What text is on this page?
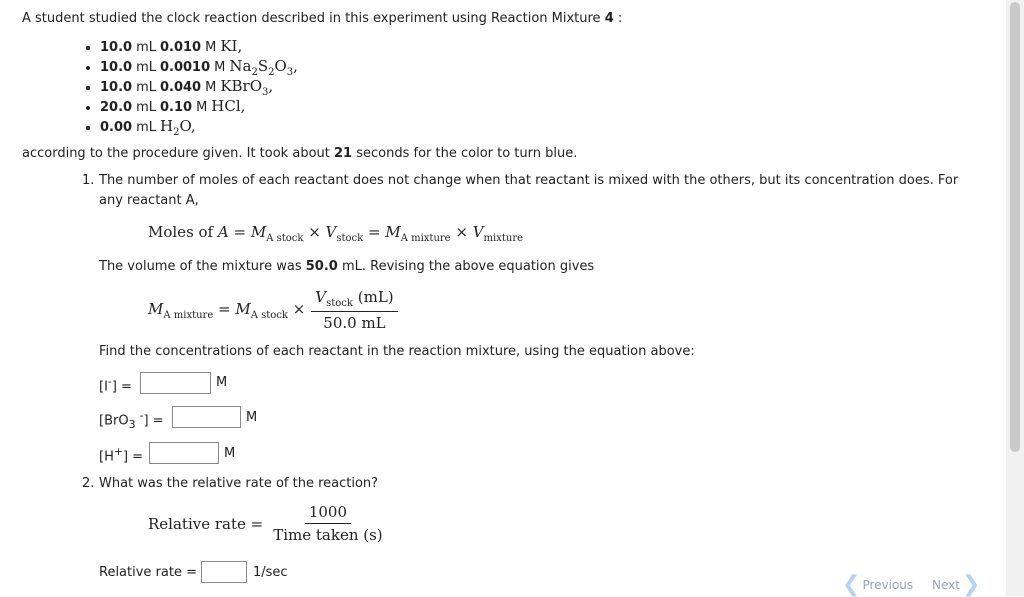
A student studied the clock reaction described in this experiment using Reaction Mixture 4 :
• 10.0 mL 0.010 M KI,
• 10.0 mL 0.0010 M $Na_2S_2O_3$,
• 10.0 mL 0.040 M KBrO$_3$,
• 20.0 mL 0.10 M HCl,
• 0.00 mL $H_2O$,
according to the procedure given. It took about 21 seconds for the color to turn blue.
1. The number of moles of each reactant does not change when that reactant is mixed with the others, but its concentration does. For
any reactant A,
Moles of $A = M_{A stock} \times V_{stock} = M_{A mixture} \times V_{mixture}$
The volume of the mixture was 50.0 mL. Revising the above equation gives
$M_{A mixture} = M_{A stock} \times \frac{V_{stock} (mL)}{50.0 mL}$
Find the concentrations of each reactant in the reaction mixture, using the equation above:
[I-] =	M
[BrO$_3$ -] =	M
[H+] =	M
2. What was the relative rate of the reaction?
Relative rate = $\frac{1000}{\text{Time taken (s)}}$
Relative rate =	1/sec	❮ Previous Next ❯
